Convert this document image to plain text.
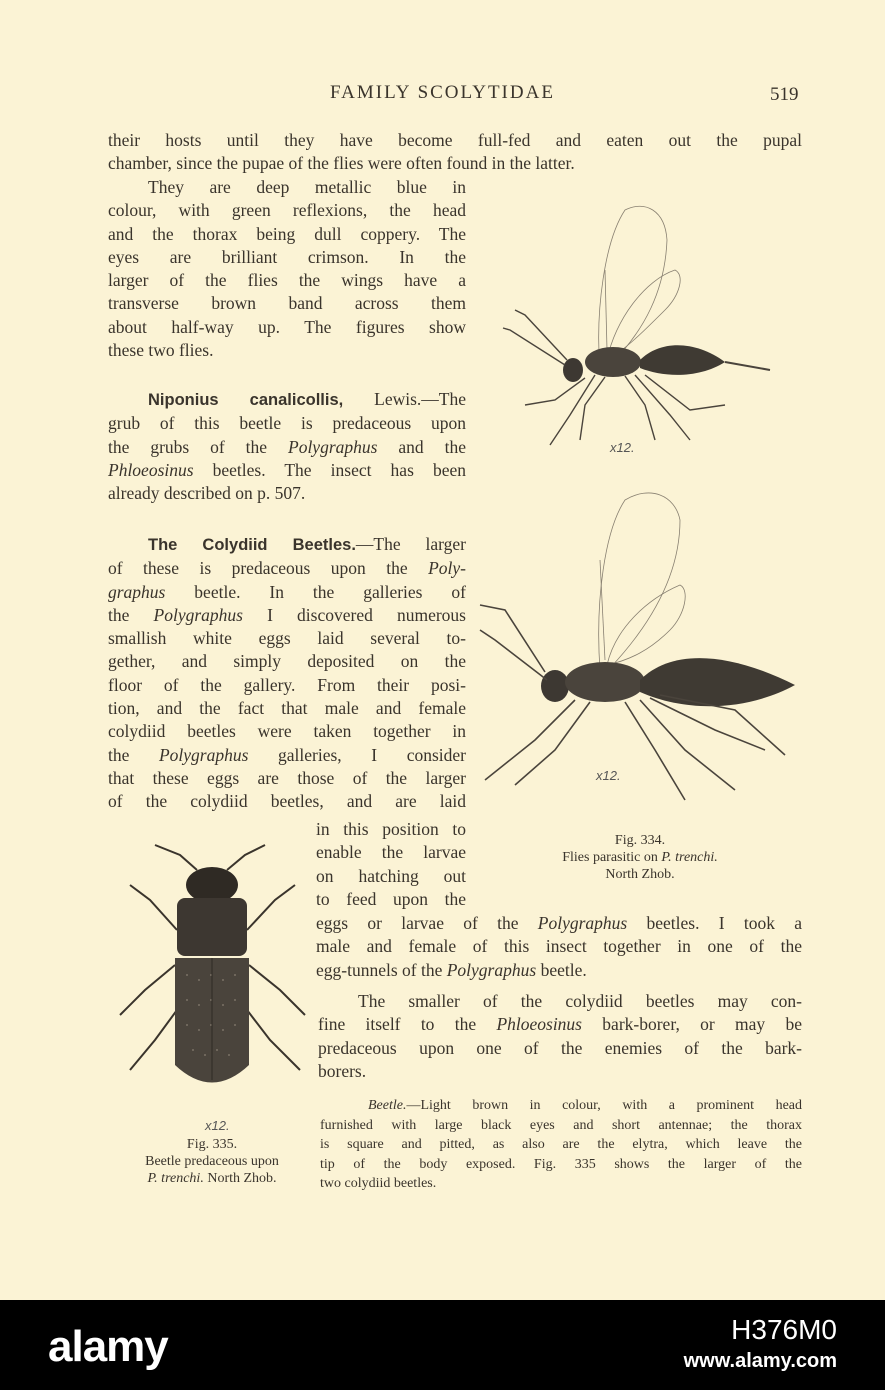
FAMILY SCOLYTIDAE	519
their hosts until they have become full-fed and eaten out the pupal
chamber, since the pupae of the flies were often found in the latter.
They are deep metallic blue in
colour, with green reflexions, the head
and the thorax being dull coppery. The
eyes are brilliant crimson. In the
larger of the flies the wings have a
transverse brown band across them
about half-way up. The figures show
these two flies.
Niponius canalicollis, Lewis.—The
grub of this beetle is predaceous upon
the grubs of the Polygraphus and the
Phloeosinus beetles. The insect has been
already described on p. 507.
The Colydiid Beetles.—The larger
of these is predaceous upon the Poly-
graphus beetle. In the galleries of
the Polygraphus I discovered numerous
smallish white eggs laid several to-
gether, and simply deposited on the
floor of the gallery. From their posi-
tion, and the fact that male and female
colydiid beetles were taken together in
the Polygraphus galleries, I consider
that these eggs are those of the larger
of the colydiid beetles, and are laid
in this position to
enable the larvae
on hatching out
to feed upon the
eggs or larvae of the Polygraphus beetles. I took a
male and female of this insect together in one of the
egg-tunnels of the Polygraphus beetle.
The smaller of the colydiid beetles may con-
fine itself to the Phloeosinus bark-borer, or may be
predaceous upon one of the enemies of the bark-
borers.
Beetle.—Light brown in colour, with a prominent head
furnished with large black eyes and short antennae; the thorax
is square and pitted, as also are the elytra, which leave the
tip of the body exposed. Fig. 335 shows the larger of the
two colydiid beetles.
x12.
x12.
Fig. 334.
Flies parasitic on P. trenchi.
North Zhob.
x12.
Fig. 335.
Beetle predaceous upon
P. trenchi. North Zhob.
alamy	H376M0
www.alamy.com
